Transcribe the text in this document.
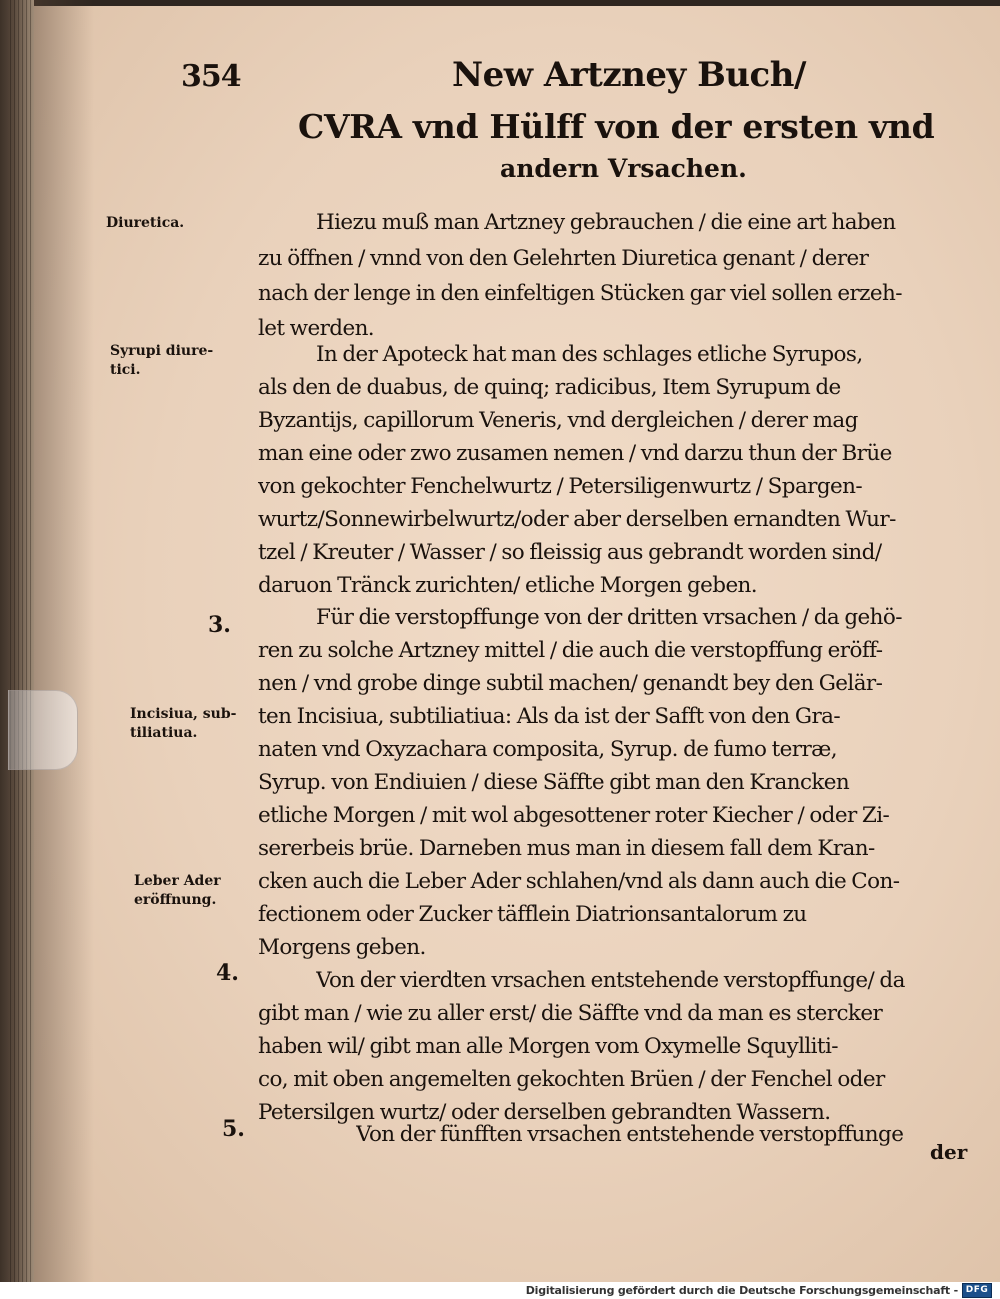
354	New Artzney Buch/
CVRA vnd Hülff von der ersten vnd
andern Vrsachen.
Diuretica.
Syrupi diure-
tici.
3.
Incisiua, sub-
tiliatiua.
Leber Ader
eröffnung.
4.
5.
Hiezu muß man Artzney gebrauchen / die eine art haben
zu öffnen / vnnd von den Gelehrten Diuretica genant / derer
nach der lenge in den einfeltigen Stücken gar viel sollen erzeh-
let werden.
In der Apoteck hat man des schlages etliche Syrupos,
als den de duabus, de quinq; radicibus, Item Syrupum de
Byzantijs, capillorum Veneris, vnd dergleichen / derer mag
man eine oder zwo zusamen nemen / vnd darzu thun der Brüe
von gekochter Fenchelwurtz / Petersiligenwurtz / Spargen-
wurtz/Sonnewirbelwurtz/oder aber derselben ernandten Wur-
tzel / Kreuter / Wasser / so fleissig aus gebrandt worden sind/
daruon Tränck zurichten/ etliche Morgen geben.
Für die verstopffunge von der dritten vrsachen / da gehö-
ren zu solche Artzney mittel / die auch die verstopffung eröff-
nen / vnd grobe dinge subtil machen/ genandt bey den Gelär-
ten Incisiua, subtiliatiua: Als da ist der Safft von den Gra-
naten vnd Oxyzachara composita, Syrup. de fumo terræ,
Syrup. von Endiuien / diese Säffte gibt man den Krancken
etliche Morgen / mit wol abgesottener roter Kiecher / oder Zi-
sererbeis brüe. Darneben mus man in diesem fall dem Kran-
cken auch die Leber Ader schlahen/vnd als dann auch die Con-
fectionem oder Zucker täfflein Diatrionsantalorum zu
Morgens geben.
Von der vierdten vrsachen entstehende verstopffunge/ da
gibt man / wie zu aller erst/ die Säffte vnd da man es stercker
haben wil/ gibt man alle Morgen vom Oxymelle Squylliti-
co, mit oben angemelten gekochten Brüen / der Fenchel oder
Petersilgen wurtz/ oder derselben gebrandten Wassern.
Von der fünfften vrsachen entstehende verstopffunge
der
Digitalisierung gefördert durch die Deutsche Forschungsgemeinschaft - DFG
